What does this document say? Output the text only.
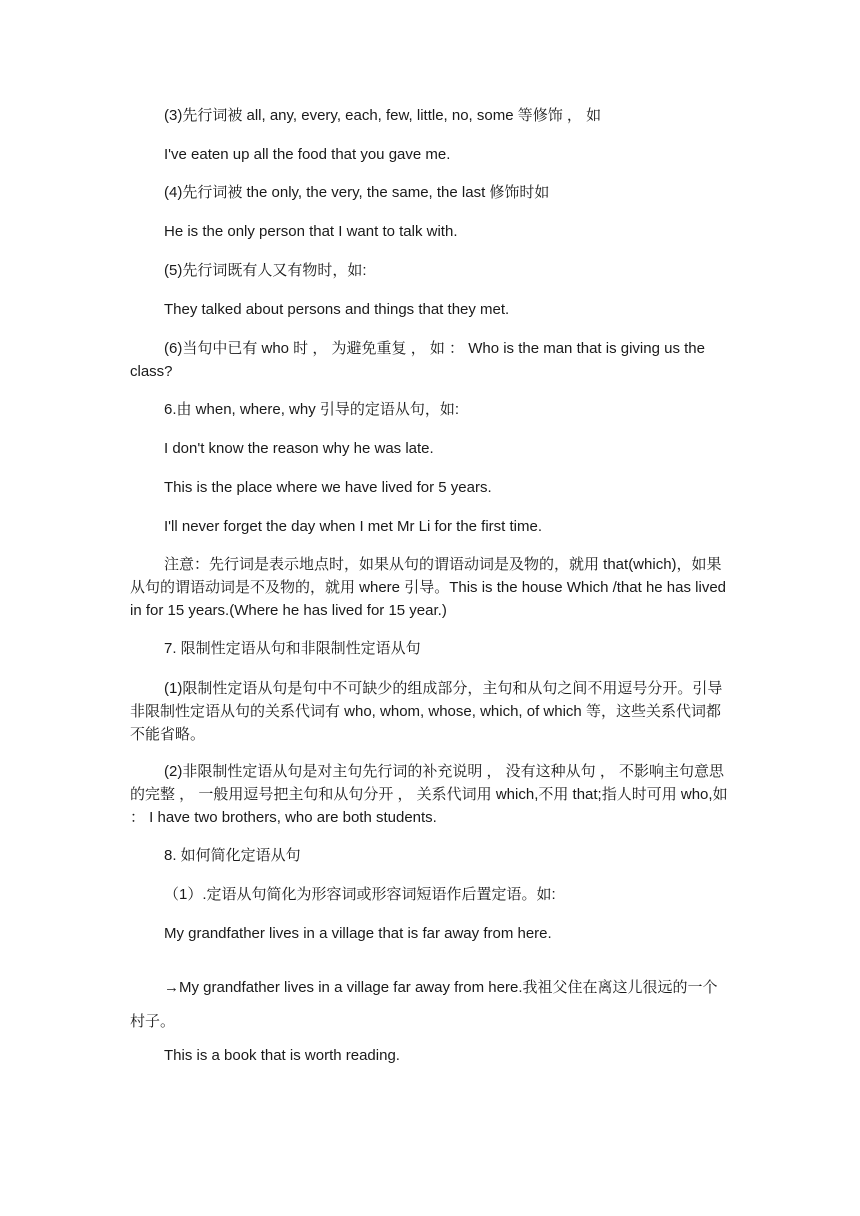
(3)先行词被 all, any, every, each, few, little, no, some 等修饰 ， 如

I've eaten up all the food that you gave me.

(4)先行词被 the only, the very, the same, the last 修饰时如

He is the only person that I want to talk with.

(5)先行词既有人又有物时，如:

They talked about persons and things that they met.

(6)当句中已有 who 时 ， 为避免重复 ， 如 ： Who is the man that is giving us the class?

6.由 when, where, why 引导的定语从句，如:

I don't know the reason why he was late.

This is the place where we have lived for 5 years.

I'll never forget the day when I met Mr Li for the first time.

注意：先行词是表示地点时，如果从句的谓语动词是及物的，就用 that(which)，如果从句的谓语动词是不及物的，就用 where 引导。This is the house Which /that he has lived in for 15 years.(Where he has lived for 15 year.)

7. 限制性定语从句和非限制性定语从句

(1)限制性定语从句是句中不可缺少的组成部分，主句和从句之间不用逗号分开。引导非限制性定语从句的关系代词有 who, whom, whose, which, of which 等，这些关系代词都不能省略。

(2)非限制性定语从句是对主句先行词的补充说明 ， 没有这种从句 ， 不影响主句意思的完整 ， 一般用逗号把主句和从句分开 ， 关系代词用 which,不用 that;指人时可用 who,如 ： I have two brothers, who are both students.

8. 如何简化定语从句

（1）.定语从句简化为形容词或形容词短语作后置定语。如:

My grandfather lives in a village that is far away from here.

→My grandfather lives in a village far away from here.我祖父住在离这儿很远的一个村子。

This is a book that is worth reading.
